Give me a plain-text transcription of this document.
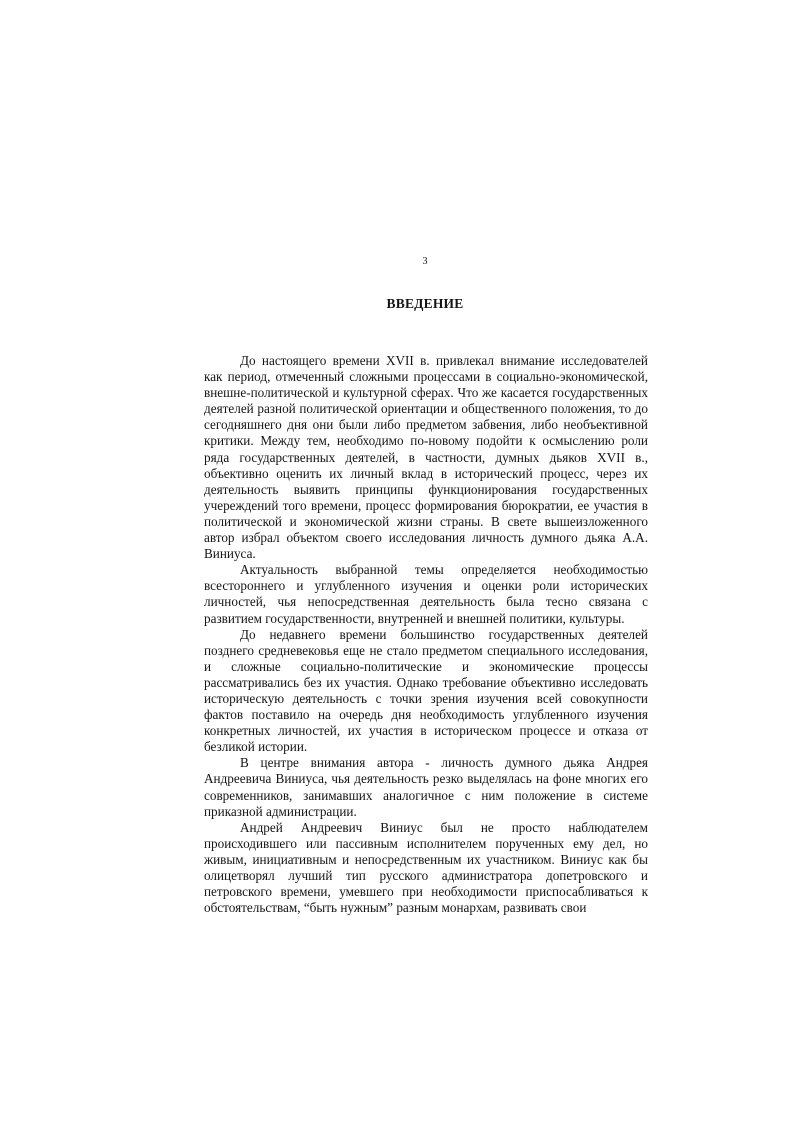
3
ВВЕДЕНИЕ

До настоящего времени XVII в. привлекал внимание исследователей как период, отмеченный сложными процессами в социально-экономической, внешне-политической и культурной сферах. Что же касается государственных деятелей разной политической ориентации и общественного положения, то до сегодняшнего дня они были либо предметом забвения, либо необъективной критики. Между тем, необходимо по-новому подойти к осмыслению роли ряда государственных деятелей, в частности, думных дьяков XVII в., объективно оценить их личный вклад в исторический процесс, через их деятельность выявить принципы функционирования государственных учереждений того времени, процесс формирования бюрократии, ее участия в политической и экономической жизни страны. В свете вышеизложенного автор избрал объектом своего исследования личность думного дьяка А.А. Виниуса.

Актуальность выбранной темы определяется необходимостью всестороннего и углубленного изучения и оценки роли исторических личностей, чья непосредственная деятельность была тесно связана с развитием государственности, внутренней и внешней политики, культуры.

До недавнего времени большинство государственных деятелей позднего средневековья еще не стало предметом специального исследования, и сложные социально-политические и экономические процессы рассматривались без их участия. Однако требование объективно исследовать историческую деятельность с точки зрения изучения всей совокупности фактов поставило на очередь дня необходимость углубленного изучения конкретных личностей, их участия в историческом процессе и отказа от безликой истории.

В центре внимания автора - личность думного дьяка Андрея Андреевича Виниуса, чья деятельность резко выделялась на фоне многих его современников, занимавших аналогичное с ним положение в системе приказной администрации.

Андрей Андреевич Виниус был не просто наблюдателем происходившего или пассивным исполнителем порученных ему дел, но живым, инициативным и непосредственным их участником. Виниус как бы олицетворял лучший тип русского администратора допетровского и петровского времени, умевшего при необходимости приспосабливаться к обстоятельствам, “быть нужным” разным монархам, развивать свои
